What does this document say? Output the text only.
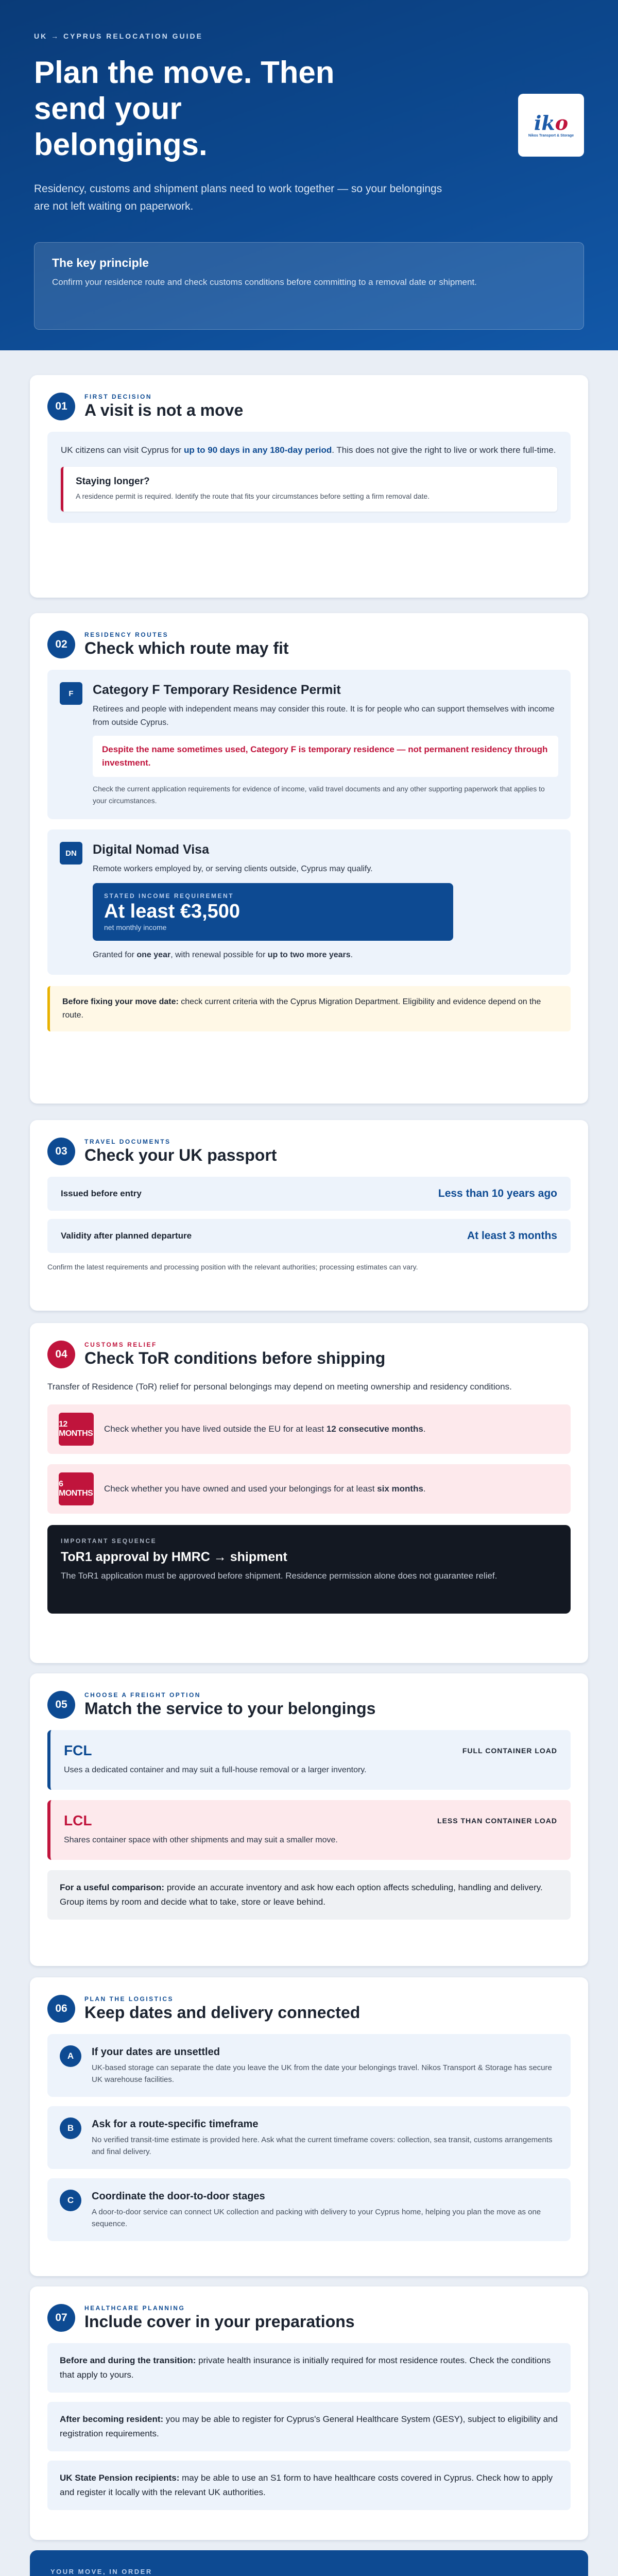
UK → CYPRUS RELOCATION GUIDE
Plan the move. Then send your belongings.

Residency, customs and shipment plans need to work together — so your belongings are not left waiting on paperwork.

iko
Nikos Transport & Storage
The key principle

Confirm your residence route and check customs conditions before committing to a removal date or shipment.

01
FIRST DECISION
A visit is not a move

UK citizens can visit Cyprus for up to 90 days in any 180-day period. This does not give the right to live or work there full-time.

Staying longer?

A residence permit is required. Identify the route that fits your circumstances before setting a firm removal date.

02
RESIDENCY ROUTES
Check which route may fit
F	Category F Temporary Residence Permit

Retirees and people with independent means may consider this route. It is for people who can support themselves with income from outside Cyprus.

Despite the name sometimes used, Category F is temporary residence — not permanent residency through investment.

Check the current application requirements for evidence of income, valid travel documents and any other supporting paperwork that applies to your circumstances.

DN	Digital Nomad Visa

Remote workers employed by, or serving clients outside, Cyprus may qualify.

STATED INCOME REQUIREMENT
At least €3,500
net monthly income

Granted for one year, with renewal possible for up to two more years.

Before fixing your move date: check current criteria with the Cyprus Migration Department. Eligibility and evidence depend on the route.
03
TRAVEL DOCUMENTS
Check your UK passport
Issued before entry	Less than 10 years ago
Validity after planned departure	At least 3 months

Confirm the latest requirements and processing position with the relevant authorities; processing estimates can vary.

04
CUSTOMS RELIEF
Check ToR conditions before shipping

Transfer of Residence (ToR) relief for personal belongings may depend on meeting ownership and residency conditions.

12 MONTHS Check whether you have lived outside the EU for at least 12 consecutive months.

6 MONTHS Check whether you have owned and used your belongings for at least six months.

IMPORTANT SEQUENCE
ToR1 approval by HMRC → shipment

The ToR1 application must be approved before shipment. Residence permission alone does not guarantee relief.

05
CHOOSE A FREIGHT OPTION
Match the service to your belongings
FCL	FULL CONTAINER LOAD

Uses a dedicated container and may suit a full-house removal or a larger inventory.

LCL	LESS THAN CONTAINER LOAD

Shares container space with other shipments and may suit a smaller move.

For a useful comparison: provide an accurate inventory and ask how each option affects scheduling, handling and delivery. Group items by room and decide what to take, store or leave behind.
06
PLAN THE LOGISTICS
Keep dates and delivery connected
A	If your dates are unsettled

UK-based storage can separate the date you leave the UK from the date your belongings travel. Nikos Transport & Storage has secure UK warehouse facilities.

B	Ask for a route-specific timeframe

No verified transit-time estimate is provided here. Ask what the current timeframe covers: collection, sea transit, customs arrangements and final delivery.

C	Coordinate the door-to-door stages

A door-to-door service can connect UK collection and packing with delivery to your Cyprus home, helping you plan the move as one sequence.

07
HEALTHCARE PLANNING
Include cover in your preparations
Before and during the transition: private health insurance is initially required for most residence routes. Check the conditions that apply to yours.
After becoming resident: you may be able to register for Cyprus's General Healthcare System (GESY), subject to eligibility and registration requirements.
UK State Pension recipients: may be able to use an S1 form to have healthcare costs covered in Cyprus. Check how to apply and register it locally with the relevant UK authorities.
YOUR MOVE, IN ORDER
